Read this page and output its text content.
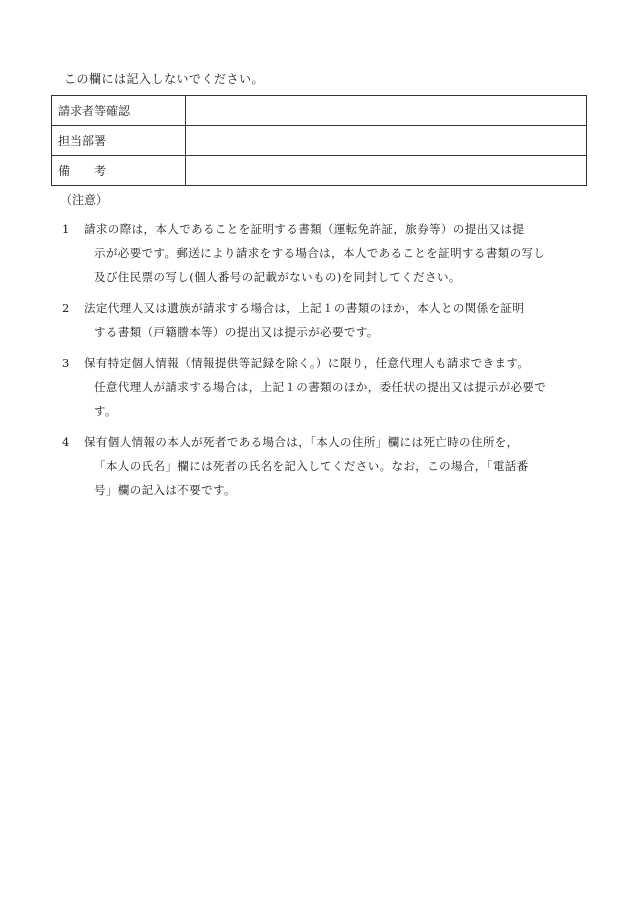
この欄には記入しないでください。
請求者等確認	
担当部署	
備　　考	
（注意）
1	請求の際は，本人であることを証明する書類（運転免許証，旅券等）の提出又は提
示が必要です。郵送により請求をする場合は，本人であることを証明する書類の写し
及び住民票の写し(個人番号の記載がないもの)を同封してください。
2	法定代理人又は遺族が請求する場合は，上記１の書類のほか，本人との関係を証明
する書類（戸籍謄本等）の提出又は提示が必要です。
3	保有特定個人情報（情報提供等記録を除く。）に限り，任意代理人も請求できます。
任意代理人が請求する場合は，上記１の書類のほか，委任状の提出又は提示が必要で
す。
4	保有個人情報の本人が死者である場合は，「本人の住所」欄には死亡時の住所を，
「本人の氏名」欄には死者の氏名を記入してください。なお，この場合，「電話番
号」欄の記入は不要です。
